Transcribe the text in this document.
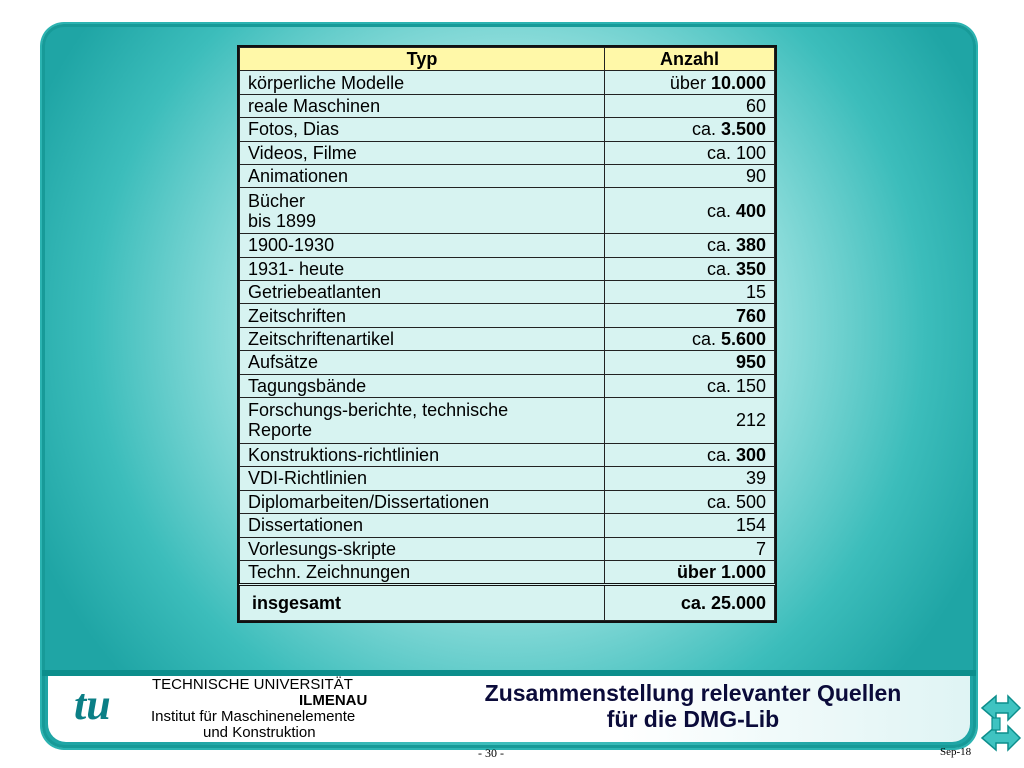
Typ	Anzahl

körperliche Modelle	über 10.000

reale Maschinen	60

Fotos, Dias	ca. 3.500

Videos, Filme	ca. 100

Animationen	90

Bücher
bis 1899	ca. 400

1900-1930	ca. 380

1931- heute	ca. 350

Getriebeatlanten	15

Zeitschriften	760

Zeitschriftenartikel	ca. 5.600

Aufsätze	950

Tagungsbände	ca. 150

Forschungs-berichte, technische
Reporte	212

Konstruktions-richtlinien	ca. 300

VDI-Richtlinien	39

Diplomarbeiten/Dissertationen	ca. 500

Dissertationen	154

Vorlesungs-skripte	7

Techn. Zeichnungen	über 1.000
insgesamt	ca. 25.000
tu	TECHNISCHE UNIVERSITÄT
ILMENAU
Institut für Maschinenelemente
und Konstruktion
Zusammenstellung relevanter Quellen
für die DMG-Lib
- 30 -	Sep-18
